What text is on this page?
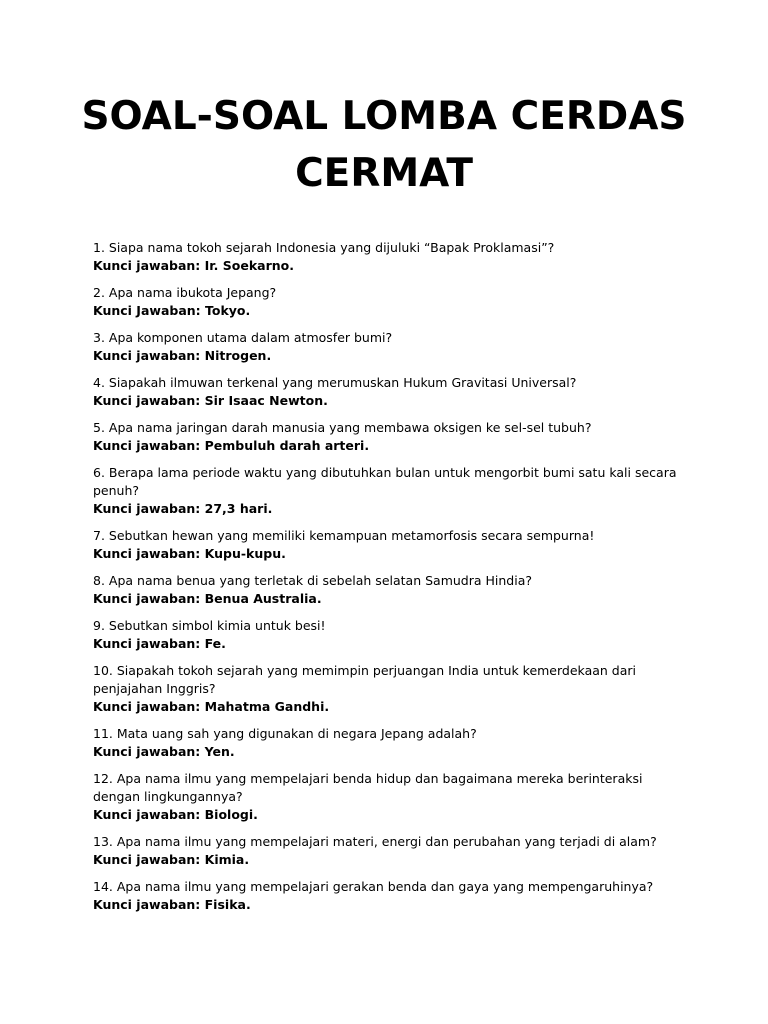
SOAL-SOAL LOMBA CERDAS CERMAT
1. Siapa nama tokoh sejarah Indonesia yang dijuluki “Bapak Proklamasi”?
Kunci jawaban: Ir. Soekarno.
2. Apa nama ibukota Jepang?
Kunci Jawaban: Tokyo.
3. Apa komponen utama dalam atmosfer bumi?
Kunci jawaban: Nitrogen.
4. Siapakah ilmuwan terkenal yang merumuskan Hukum Gravitasi Universal?
Kunci jawaban: Sir Isaac Newton.
5. Apa nama jaringan darah manusia yang membawa oksigen ke sel-sel tubuh?
Kunci jawaban: Pembuluh darah arteri.
6. Berapa lama periode waktu yang dibutuhkan bulan untuk mengorbit bumi satu kali secara penuh?
Kunci jawaban: 27,3 hari.
7. Sebutkan hewan yang memiliki kemampuan metamorfosis secara sempurna!
Kunci jawaban: Kupu-kupu.
8. Apa nama benua yang terletak di sebelah selatan Samudra Hindia?
Kunci jawaban: Benua Australia.
9. Sebutkan simbol kimia untuk besi!
Kunci jawaban: Fe.
10. Siapakah tokoh sejarah yang memimpin perjuangan India untuk kemerdekaan dari penjajahan Inggris?
Kunci jawaban: Mahatma Gandhi.
11. Mata uang sah yang digunakan di negara Jepang adalah?
Kunci jawaban: Yen.
12. Apa nama ilmu yang mempelajari benda hidup dan bagaimana mereka berinteraksi dengan lingkungannya?
Kunci jawaban: Biologi.
13. Apa nama ilmu yang mempelajari materi, energi dan perubahan yang terjadi di alam?
Kunci jawaban: Kimia.
14. Apa nama ilmu yang mempelajari gerakan benda dan gaya yang mempengaruhinya?
Kunci jawaban: Fisika.
